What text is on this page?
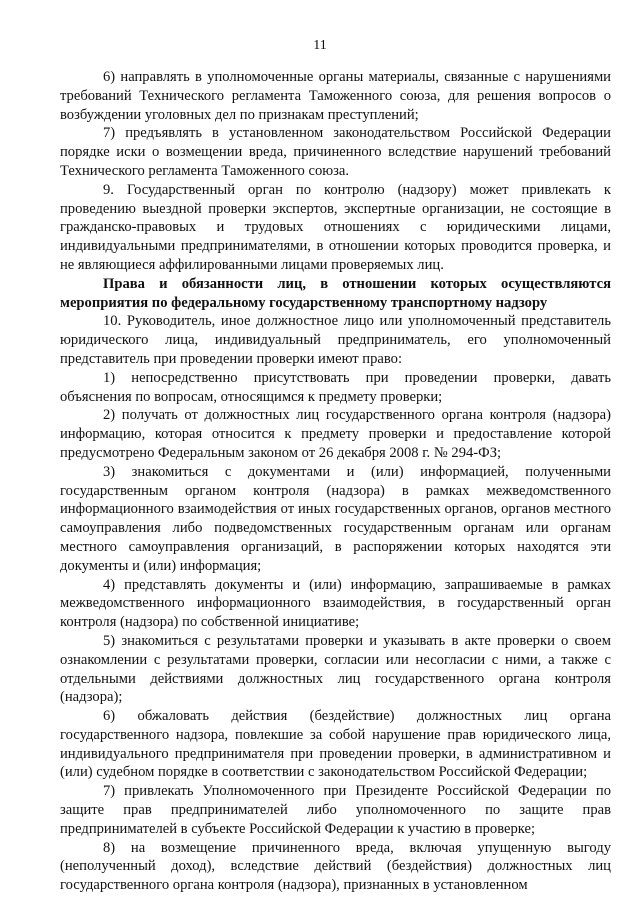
11

6) направлять в уполномоченные органы материалы, связанные с нарушениями требований Технического регламента Таможенного союза, для решения вопросов о возбуждении уголовных дел по признакам преступлений;

7) предъявлять в установленном законодательством Российской Федерации порядке иски о возмещении вреда, причиненного вследствие нарушений требований Технического регламента Таможенного союза.

9. Государственный орган по контролю (надзору) может привлекать к проведению выездной проверки экспертов, экспертные организации, не состоящие в гражданско-правовых и трудовых отношениях с юридическими лицами, индивидуальными предпринимателями, в отношении которых проводится проверка, и не являющиеся аффилированными лицами проверяемых лиц.

Права и обязанности лиц, в отношении которых осуществляются мероприятия по федеральному государственному транспортному надзору

10. Руководитель, иное должностное лицо или уполномоченный представитель юридического лица, индивидуальный предприниматель, его уполномоченный представитель при проведении проверки имеют право:

1) непосредственно присутствовать при проведении проверки, давать объяснения по вопросам, относящимся к предмету проверки;

2) получать от должностных лиц государственного органа контроля (надзора) информацию, которая относится к предмету проверки и предоставление которой предусмотрено Федеральным законом от 26 декабря 2008 г. № 294-ФЗ;

3) знакомиться с документами и (или) информацией, полученными государственным органом контроля (надзора) в рамках межведомственного информационного взаимодействия от иных государственных органов, органов местного самоуправления либо подведомственных государственным органам или органам местного самоуправления организаций, в распоряжении которых находятся эти документы и (или) информация;

4) представлять документы и (или) информацию, запрашиваемые в рамках межведомственного информационного взаимодействия, в государственный орган контроля (надзора) по собственной инициативе;

5) знакомиться с результатами проверки и указывать в акте проверки о своем ознакомлении с результатами проверки, согласии или несогласии с ними, а также с отдельными действиями должностных лиц государственного органа контроля (надзора);

6) обжаловать действия (бездействие) должностных лиц органа государственного надзора, повлекшие за собой нарушение прав юридического лица, индивидуального предпринимателя при проведении проверки, в административном и (или) судебном порядке в соответствии с законодательством Российской Федерации;

7) привлекать Уполномоченного при Президенте Российской Федерации по защите прав предпринимателей либо уполномоченного по защите прав предпринимателей в субъекте Российской Федерации к участию в проверке;

8) на возмещение причиненного вреда, включая упущенную выгоду (неполученный доход), вследствие действий (бездействия) должностных лиц государственного органа контроля (надзора), признанных в установленном
